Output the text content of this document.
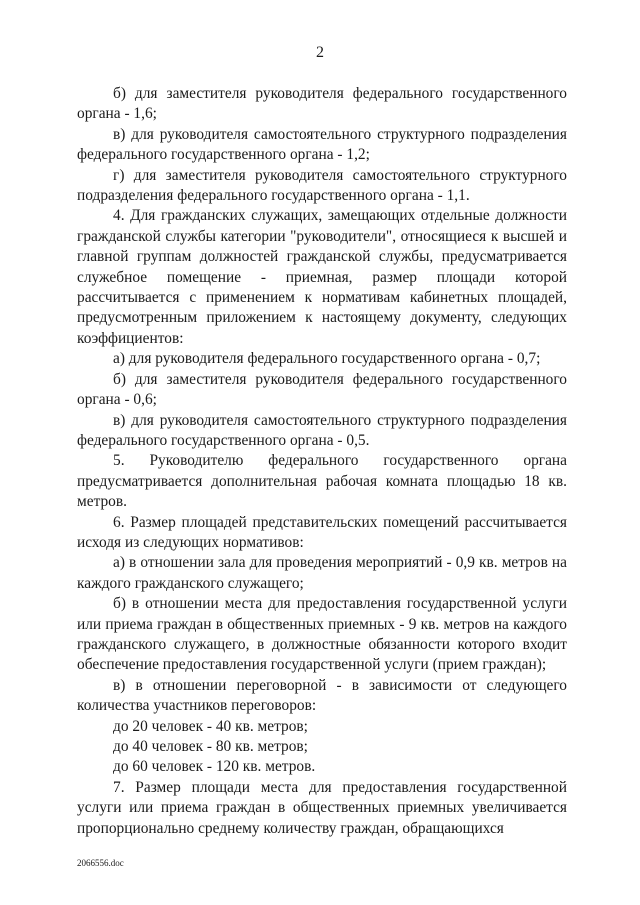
2

б) для заместителя руководителя федерального государственного органа - 1,6;

в) для руководителя самостоятельного структурного подразделения федерального государственного органа - 1,2;

г) для заместителя руководителя самостоятельного структурного подразделения федерального государственного органа - 1,1.

4. Для гражданских служащих, замещающих отдельные должности гражданской службы категории "руководители", относящиеся к высшей и главной группам должностей гражданской службы, предусматривается служебное помещение - приемная, размер площади которой рассчитывается с применением к нормативам кабинетных площадей, предусмотренным приложением к настоящему документу, следующих коэффициентов:

а) для руководителя федерального государственного органа - 0,7;

б) для заместителя руководителя федерального государственного органа - 0,6;

в) для руководителя самостоятельного структурного подразделения федерального государственного органа - 0,5.

5. Руководителю федерального государственного органа предусматривается дополнительная рабочая комната площадью 18 кв. метров.

6. Размер площадей представительских помещений рассчитывается исходя из следующих нормативов:

а) в отношении зала для проведения мероприятий - 0,9 кв. метров на каждого гражданского служащего;

б) в отношении места для предоставления государственной услуги или приема граждан в общественных приемных - 9 кв. метров на каждого гражданского служащего, в должностные обязанности которого входит обеспечение предоставления государственной услуги (прием граждан);

в) в отношении переговорной - в зависимости от следующего количества участников переговоров:

до 20 человек - 40 кв. метров;

до 40 человек - 80 кв. метров;

до 60 человек - 120 кв. метров.

7. Размер площади места для предоставления государственной услуги или приема граждан в общественных приемных увеличивается пропорционально среднему количеству граждан, обращающихся

2066556.doc
